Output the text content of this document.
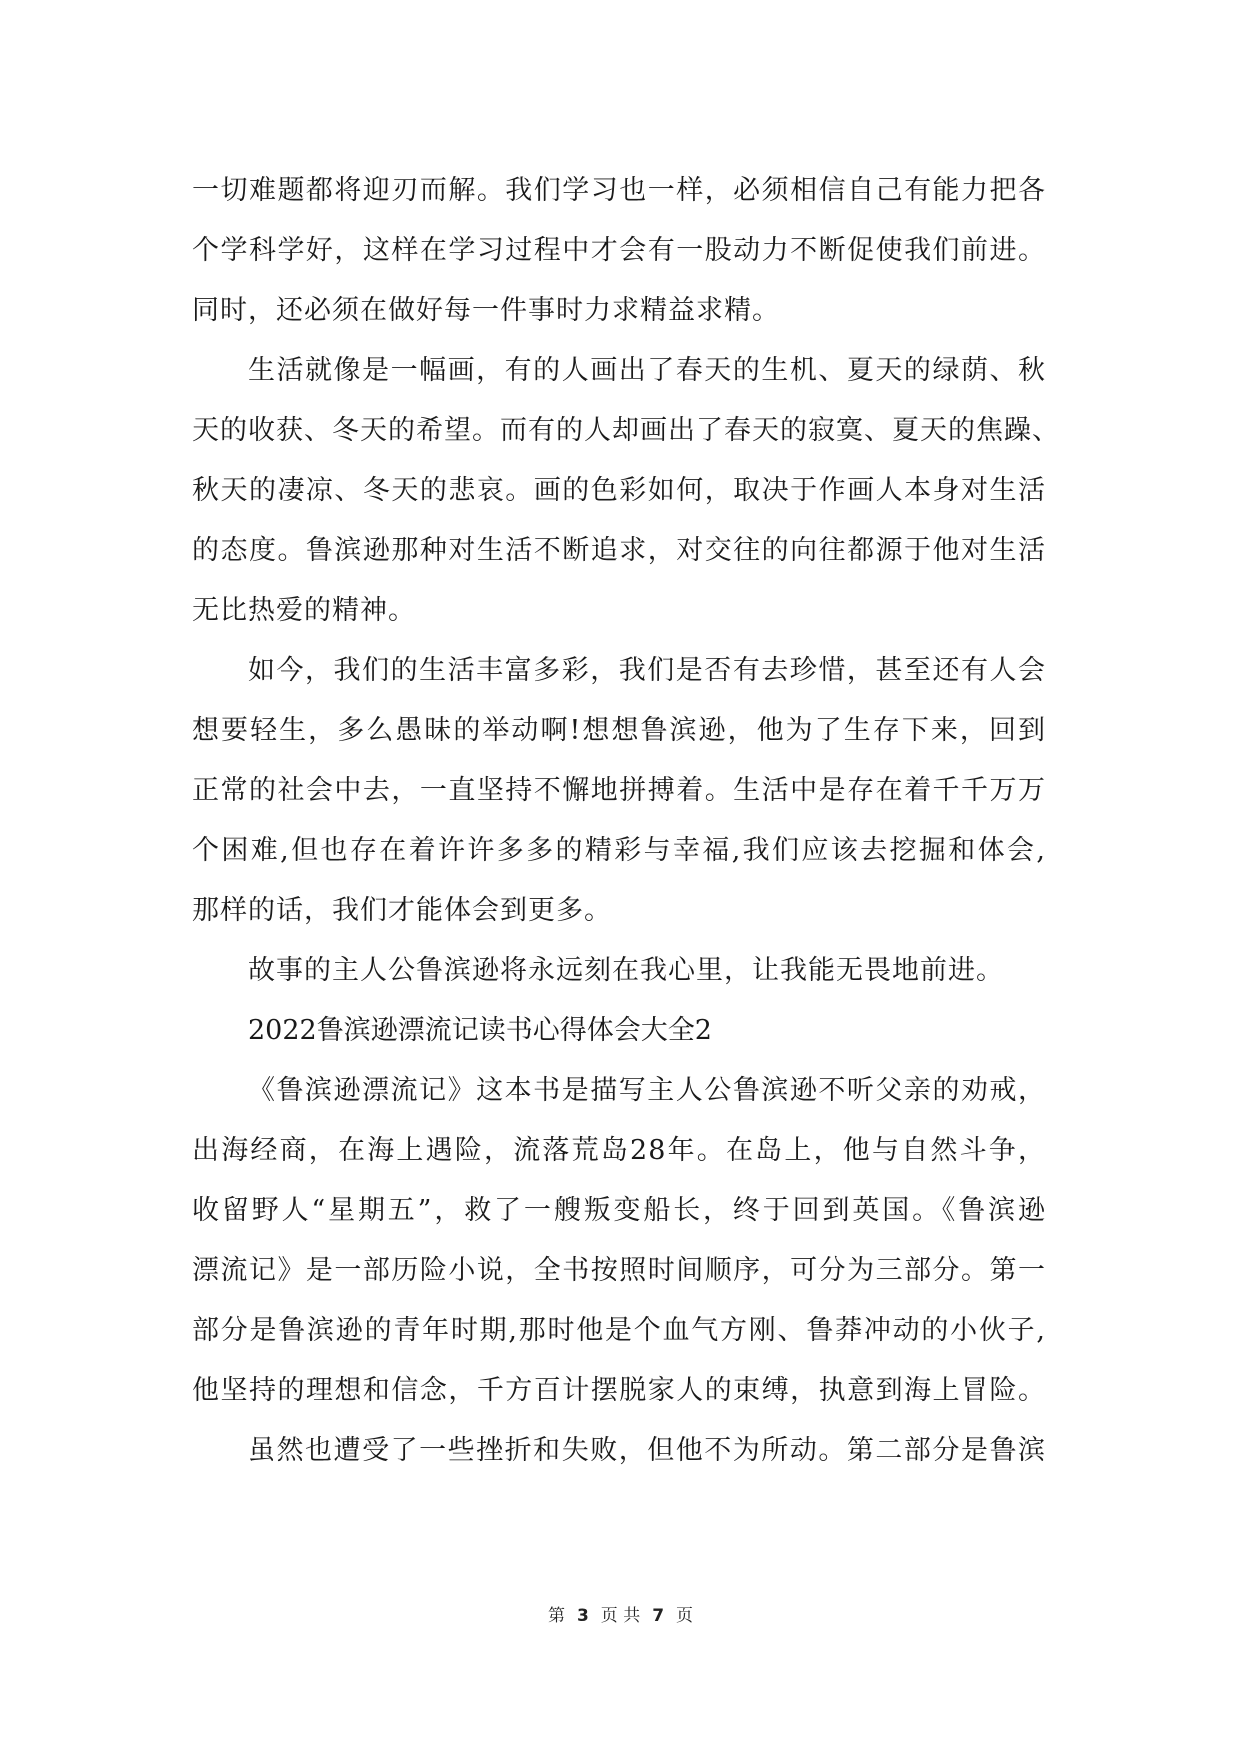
一切难题都将迎刃而解。我们学习也一样，必须相信自己有能力把各
个学科学好，这样在学习过程中才会有一股动力不断促使我们前进。
同时，还必须在做好每一件事时力求精益求精。
生活就像是一幅画，有的人画出了春天的生机、夏天的绿荫、秋
天的收获、冬天的希望。而有的人却画出了春天的寂寞、夏天的焦躁、
秋天的凄凉、冬天的悲哀。画的色彩如何，取决于作画人本身对生活
的态度。鲁滨逊那种对生活不断追求，对交往的向往都源于他对生活
无比热爱的精神。
如今，我们的生活丰富多彩，我们是否有去珍惜，甚至还有人会
想要轻生，多么愚昧的举动啊!想想鲁滨逊，他为了生存下来，回到
正常的社会中去，一直坚持不懈地拼搏着。生活中是存在着千千万万
个困难,但也存在着许许多多的精彩与幸福,我们应该去挖掘和体会,
那样的话，我们才能体会到更多。
故事的主人公鲁滨逊将永远刻在我心里，让我能无畏地前进。
2022鲁滨逊漂流记读书心得体会大全2
《鲁滨逊漂流记》这本书是描写主人公鲁滨逊不听父亲的劝戒，
出海经商，在海上遇险，流落荒岛28年。在岛上，他与自然斗争，
收留野人“星期五”，救了一艘叛变船长，终于回到英国。《鲁滨逊
漂流记》是一部历险小说，全书按照时间顺序，可分为三部分。第一
部分是鲁滨逊的青年时期,那时他是个血气方刚、鲁莽冲动的小伙子,
他坚持的理想和信念，千方百计摆脱家人的束缚，执意到海上冒险。
虽然也遭受了一些挫折和失败，但他不为所动。第二部分是鲁滨
第 3 页 共 7 页
